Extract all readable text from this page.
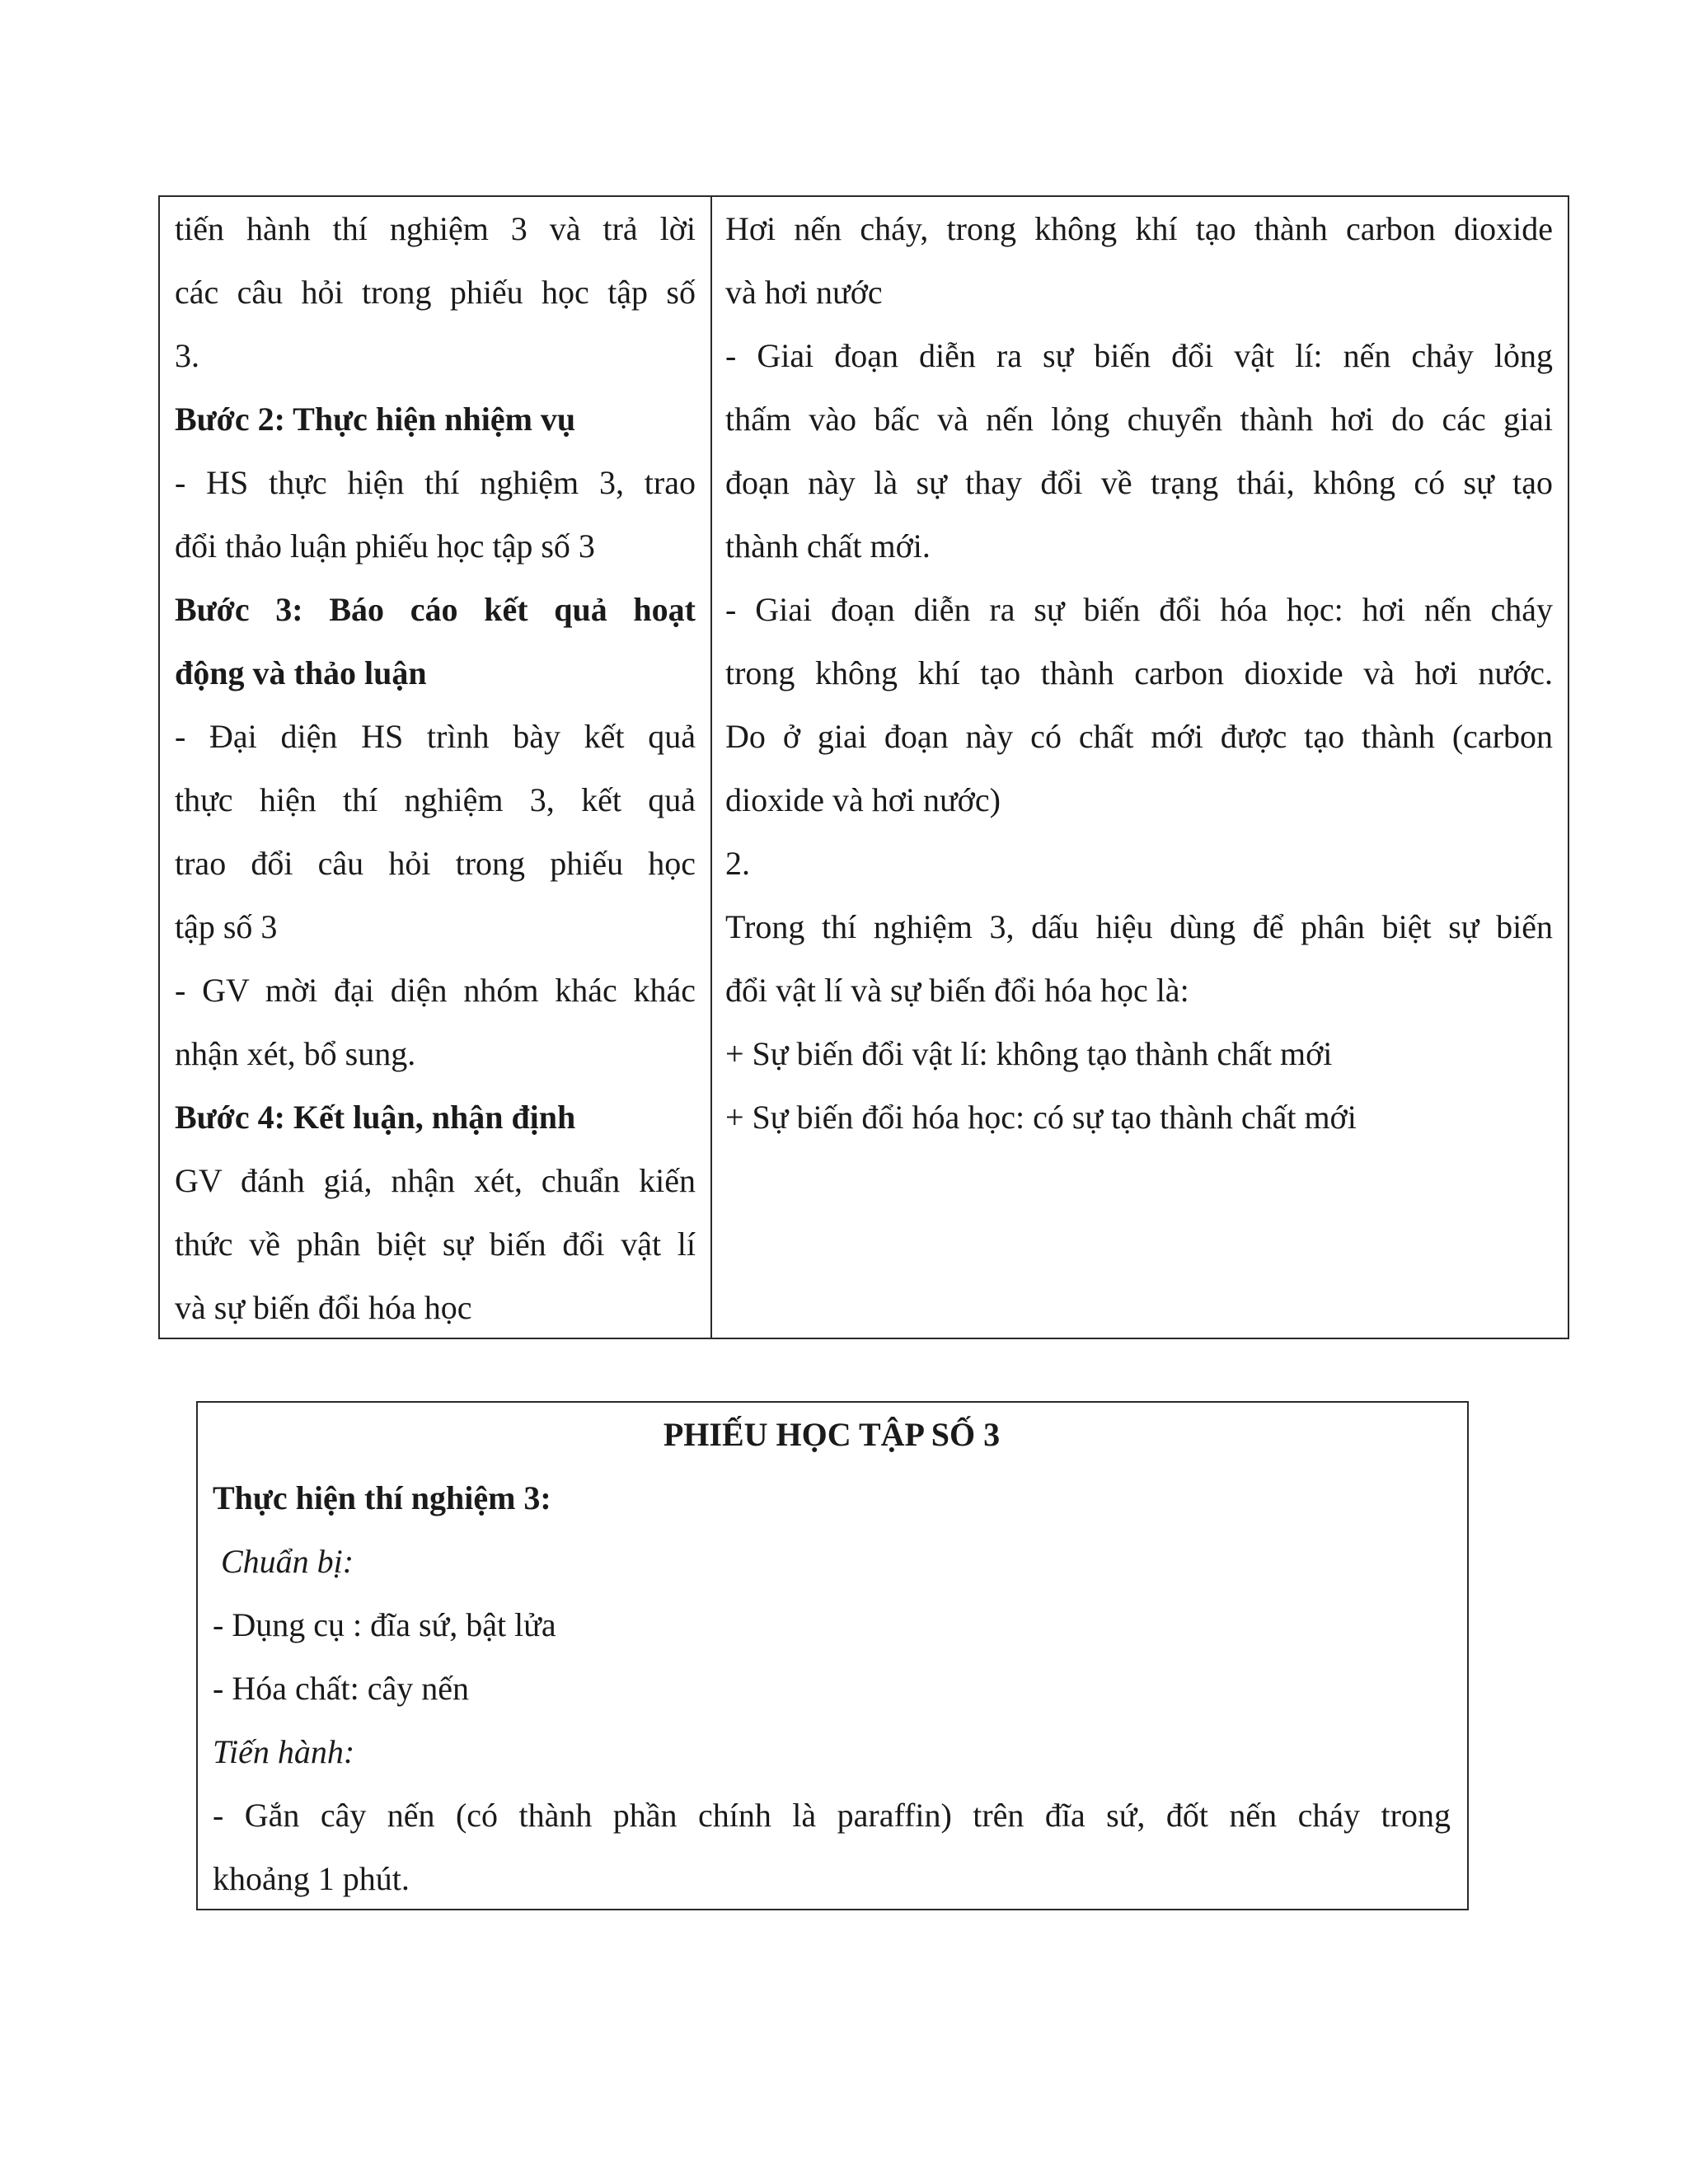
tiến hành thí nghiệm 3 và trả lời
các câu hỏi trong phiếu học tập số
3.
Bước 2: Thực hiện nhiệm vụ
- HS thực hiện thí nghiệm 3, trao
đổi thảo luận phiếu học tập số 3
Bước 3: Báo cáo kết quả hoạt
động và thảo luận
- Đại diện HS trình bày kết quả
thực hiện thí nghiệm 3, kết quả
trao đổi câu hỏi trong phiếu học
tập số 3
- GV mời đại diện nhóm khác khác
nhận xét, bổ sung.
Bước 4: Kết luận, nhận định
GV đánh giá, nhận xét, chuẩn kiến
thức về phân biệt sự biến đổi vật lí
và sự biến đổi hóa học
Hơi nến cháy, trong không khí tạo thành carbon dioxide
và hơi nước
- Giai đoạn diễn ra sự biến đổi vật lí: nến chảy lỏng
thấm vào bấc và nến lỏng chuyển thành hơi do các giai
đoạn này là sự thay đổi về trạng thái, không có sự tạo
thành chất mới.
- Giai đoạn diễn ra sự biến đổi hóa học: hơi nến cháy
trong không khí tạo thành carbon dioxide và hơi nước.
Do ở giai đoạn này có chất mới được tạo thành (carbon
dioxide và hơi nước)
2.
Trong thí nghiệm 3, dấu hiệu dùng để phân biệt sự biến
đổi vật lí và sự biến đổi hóa học là:
+ Sự biến đổi vật lí: không tạo thành chất mới
+ Sự biến đổi hóa học: có sự tạo thành chất mới
PHIẾU HỌC TẬP SỐ 3
Thực hiện thí nghiệm 3:
Chuẩn bị:
- Dụng cụ : đĩa sứ, bật lửa
- Hóa chất: cây nến
Tiến hành:
- Gắn cây nến (có thành phần chính là paraffin) trên đĩa sứ, đốt nến cháy trong
khoảng 1 phút.
